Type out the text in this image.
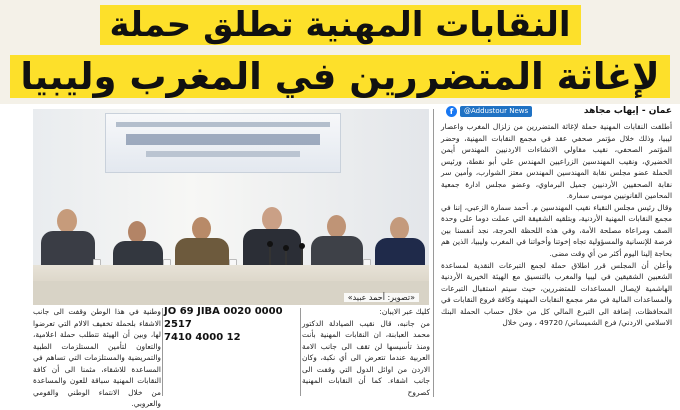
النقابات المهنية تطلق حملة
لإغاثة المتضررين في المغرب وليبيا
عمان - إيهاب مجاهد
f	@Addustour News
«تصوير: أحمد عبيد»

أطلقت النقابات المهنية حملة لإغاثة المتضررين من زلزال المغرب واعصار ليبيا، وذلك خلال مؤتمر صحفي عقد في مجمع النقابات المهنية، وحضر المؤتمر الصحفي، نقيب مقاولي الانشاءات الاردنيين المهندس أيمن الخضيري، ونقيب المهندسين الزراعيين المهندس علي أبو نقطة، ورئيس الحملة عضو مجلس نقابة المهندسين المهندس معتز الشوارب، وأمين سر نقابة الصحفيين الأردنيين جميل البرماوي، وعضو مجلس ادارة جمعية المحامين القانونيين موسى سمارة.

وقال رئيس مجلس النقباء نقيب المهندسين م. أحمد سمارة الزعبي، إننا في مجمع النقابات المهنية الأردنية، وبتلقيه الشقيقة التي عملت دوما على وحدة الصف ومراعاة مصلحة الأمة، وفي هذه اللحظة الحرجة، نجد أنفسنا بين فرصة للإنسانية والمسؤولية تجاه إخوتنا وأخواتنا في المغرب وليبيا، الذين هم بحاجة إلينا اليوم أكثر من أي وقت مضى.

وأعلن أن المجلس قرر اطلاق حملة لجمع التبرعات النقدية لمساعدة الشعبين الشقيقين في ليبيا والمغرب بالتنسيق مع الهيئة الخيرية الأردنية الهاشمية لإيصال المساعدات للمتضررين، حيث سيتم استقبال التبرعات والمساعدات المالية في مقر مجمع النقابات المهنية وكافة فروع النقابات في المحافظات، إضافة الى التبرع المالي كل من خلال حساب الحملة البنك الاسلامي الاردني/ فرع الشميساني/ 49720 ، ومن خلال

كليك عبر الايبان:

من جانبه، قال نقيب الصيادلة الدكتور محمد العبابنة، ان النقابات المهنية بأنت ومنذ تأسيسها لن تقف الى جانب الامة العربية عندما تتعرض الى أي نكبة، وكان الاردن من اوائل الدول التي وقفت الى جانب اشقاء. كما أن النقابات المهنية كصروح

JO 69 JIBA 0020 0000 2517
7410 4000 12

وطنية في هذا الوطن وقفت الى جانب الاشقاء بلحملة تخفيف الالام التي تعرضوا لها، وبين أن الهيئة تتطلب حملة اعلامية، والتعاون لتأمين المستلزمات الطبية والتمريضية والمستلزمات التي تساهم في المساعدة للاشقاء، مثمنا الى أن كافة النقابات المهنية سباقة للعون والمساعدة من خلال الانتماء الوطني والقومي والعروبي.
